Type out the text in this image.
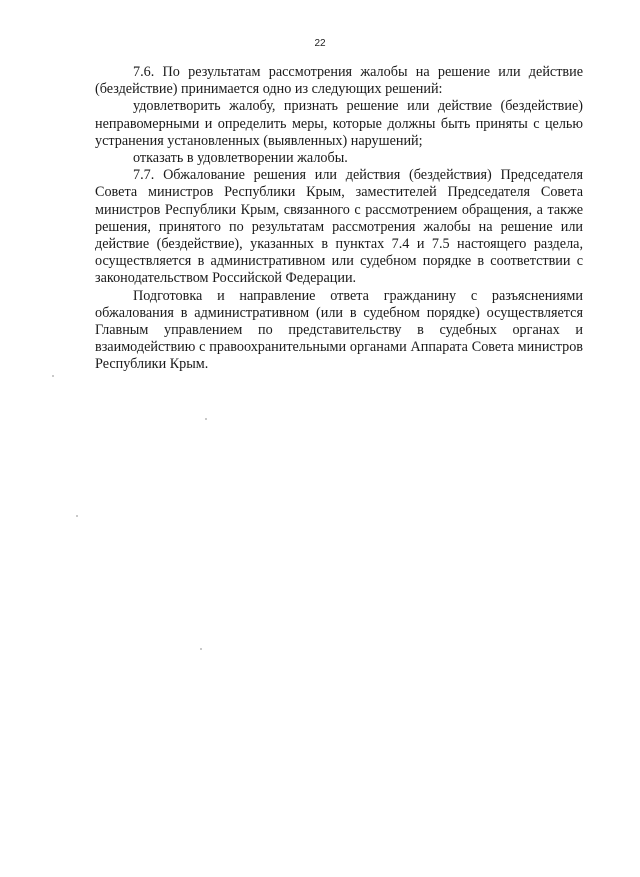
22

7.6. По результатам рассмотрения жалобы на решение или действие (бездействие) принимается одно из следующих решений:

удовлетворить жалобу, признать решение или действие (бездействие) неправомерными и определить меры, которые должны быть приняты с целью устранения установленных (выявленных) нарушений;

отказать в удовлетворении жалобы.

7.7. Обжалование решения или действия (бездействия) Председателя Совета министров Республики Крым, заместителей Председателя Совета министров Республики Крым, связанного с рассмотрением обращения, а также решения, принятого по результатам рассмотрения жалобы на решение или действие (бездействие), указанных в пунктах 7.4 и 7.5 настоящего раздела, осуществляется в административном или судебном порядке в соответствии с законодательством Российской Федерации.

Подготовка и направление ответа гражданину с разъяснениями обжалования в административном (или в судебном порядке) осуществляется Главным управлением по представительству в судебных органах и взаимодействию с правоохранительными органами Аппарата Совета министров Республики Крым.
